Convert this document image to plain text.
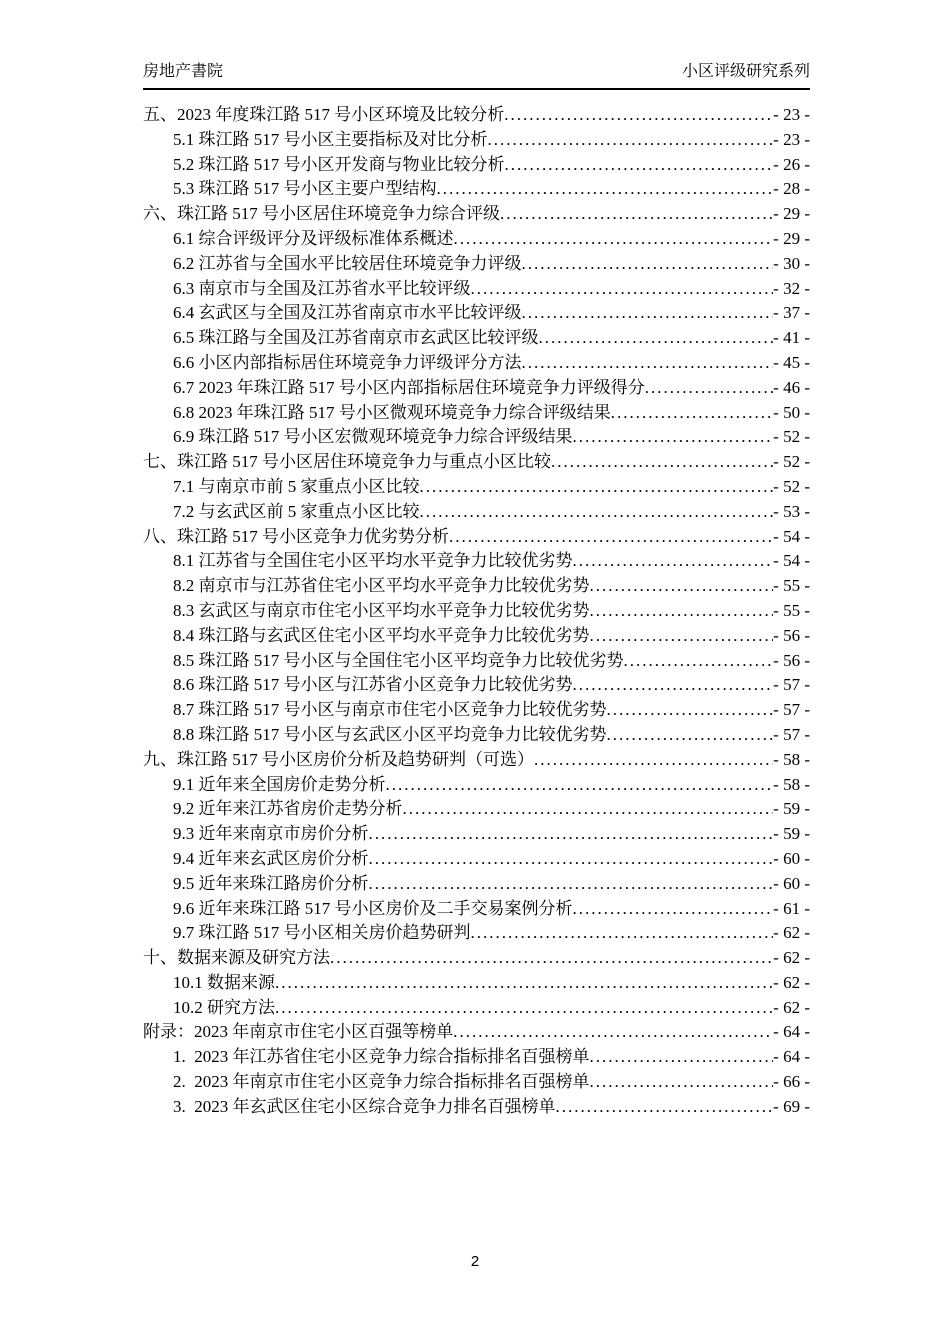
房地产書院	小区评级研究系列
五、2023 年度珠江路 517 号小区环境及比较分析 .....	- 23 -
5.1 珠江路 517 号小区主要指标及对比分析 .....	- 23 -
5.2 珠江路 517 号小区开发商与物业比较分析 .....	- 26 -
5.3 珠江路 517 号小区主要户型结构 .....	- 28 -
六、珠江路 517 号小区居住环境竞争力综合评级 .....	- 29 -
6.1 综合评级评分及评级标准体系概述 .....	- 29 -
6.2 江苏省与全国水平比较居住环境竞争力评级 .....	- 30 -
6.3 南京市与全国及江苏省水平比较评级 .....	- 32 -
6.4 玄武区与全国及江苏省南京市水平比较评级 .....	- 37 -
6.5 珠江路与全国及江苏省南京市玄武区比较评级 .....	- 41 -
6.6 小区内部指标居住环境竞争力评级评分方法 .....	- 45 -
6.7 2023 年珠江路 517 号小区内部指标居住环境竞争力评级得分 .....	- 46 -
6.8 2023 年珠江路 517 号小区微观环境竞争力综合评级结果 .....	- 50 -
6.9 珠江路 517 号小区宏微观环境竞争力综合评级结果 .....	- 52 -
七、珠江路 517 号小区居住环境竞争力与重点小区比较 .....	- 52 -
7.1 与南京市前 5 家重点小区比较 .....	- 52 -
7.2 与玄武区前 5 家重点小区比较 .....	- 53 -
八、珠江路 517 号小区竞争力优劣势分析 .....	- 54 -
8.1 江苏省与全国住宅小区平均水平竞争力比较优劣势 .....	- 54 -
8.2 南京市与江苏省住宅小区平均水平竞争力比较优劣势 .....	- 55 -
8.3 玄武区与南京市住宅小区平均水平竞争力比较优劣势 .....	- 55 -
8.4 珠江路与玄武区住宅小区平均水平竞争力比较优劣势 .....	- 56 -
8.5 珠江路 517 号小区与全国住宅小区平均竞争力比较优劣势 .....	- 56 -
8.6 珠江路 517 号小区与江苏省小区竞争力比较优劣势 .....	- 57 -
8.7 珠江路 517 号小区与南京市住宅小区竞争力比较优劣势 .....	- 57 -
8.8 珠江路 517 号小区与玄武区小区平均竞争力比较优劣势 .....	- 57 -
九、珠江路 517 号小区房价分析及趋势研判（可选） .....	- 58 -
9.1 近年来全国房价走势分析 .....	- 58 -
9.2 近年来江苏省房价走势分析 .....	- 59 -
9.3 近年来南京市房价分析 .....	- 59 -
9.4 近年来玄武区房价分析 .....	- 60 -
9.5 近年来珠江路房价分析 .....	- 60 -
9.6 近年来珠江路 517 号小区房价及二手交易案例分析 .....	- 61 -
9.7 珠江路 517 号小区相关房价趋势研判 .....	- 62 -
十、数据来源及研究方法 .....	- 62 -
10.1 数据来源 .....	- 62 -
10.2 研究方法 .....	- 62 -
附录：2023 年南京市住宅小区百强等榜单 .....	- 64 -
1.  2023 年江苏省住宅小区竞争力综合指标排名百强榜单 .....	- 64 -
2.  2023 年南京市住宅小区竞争力综合指标排名百强榜单 .....	- 66 -
3.  2023 年玄武区住宅小区综合竞争力排名百强榜单 .....	- 69 -
2
